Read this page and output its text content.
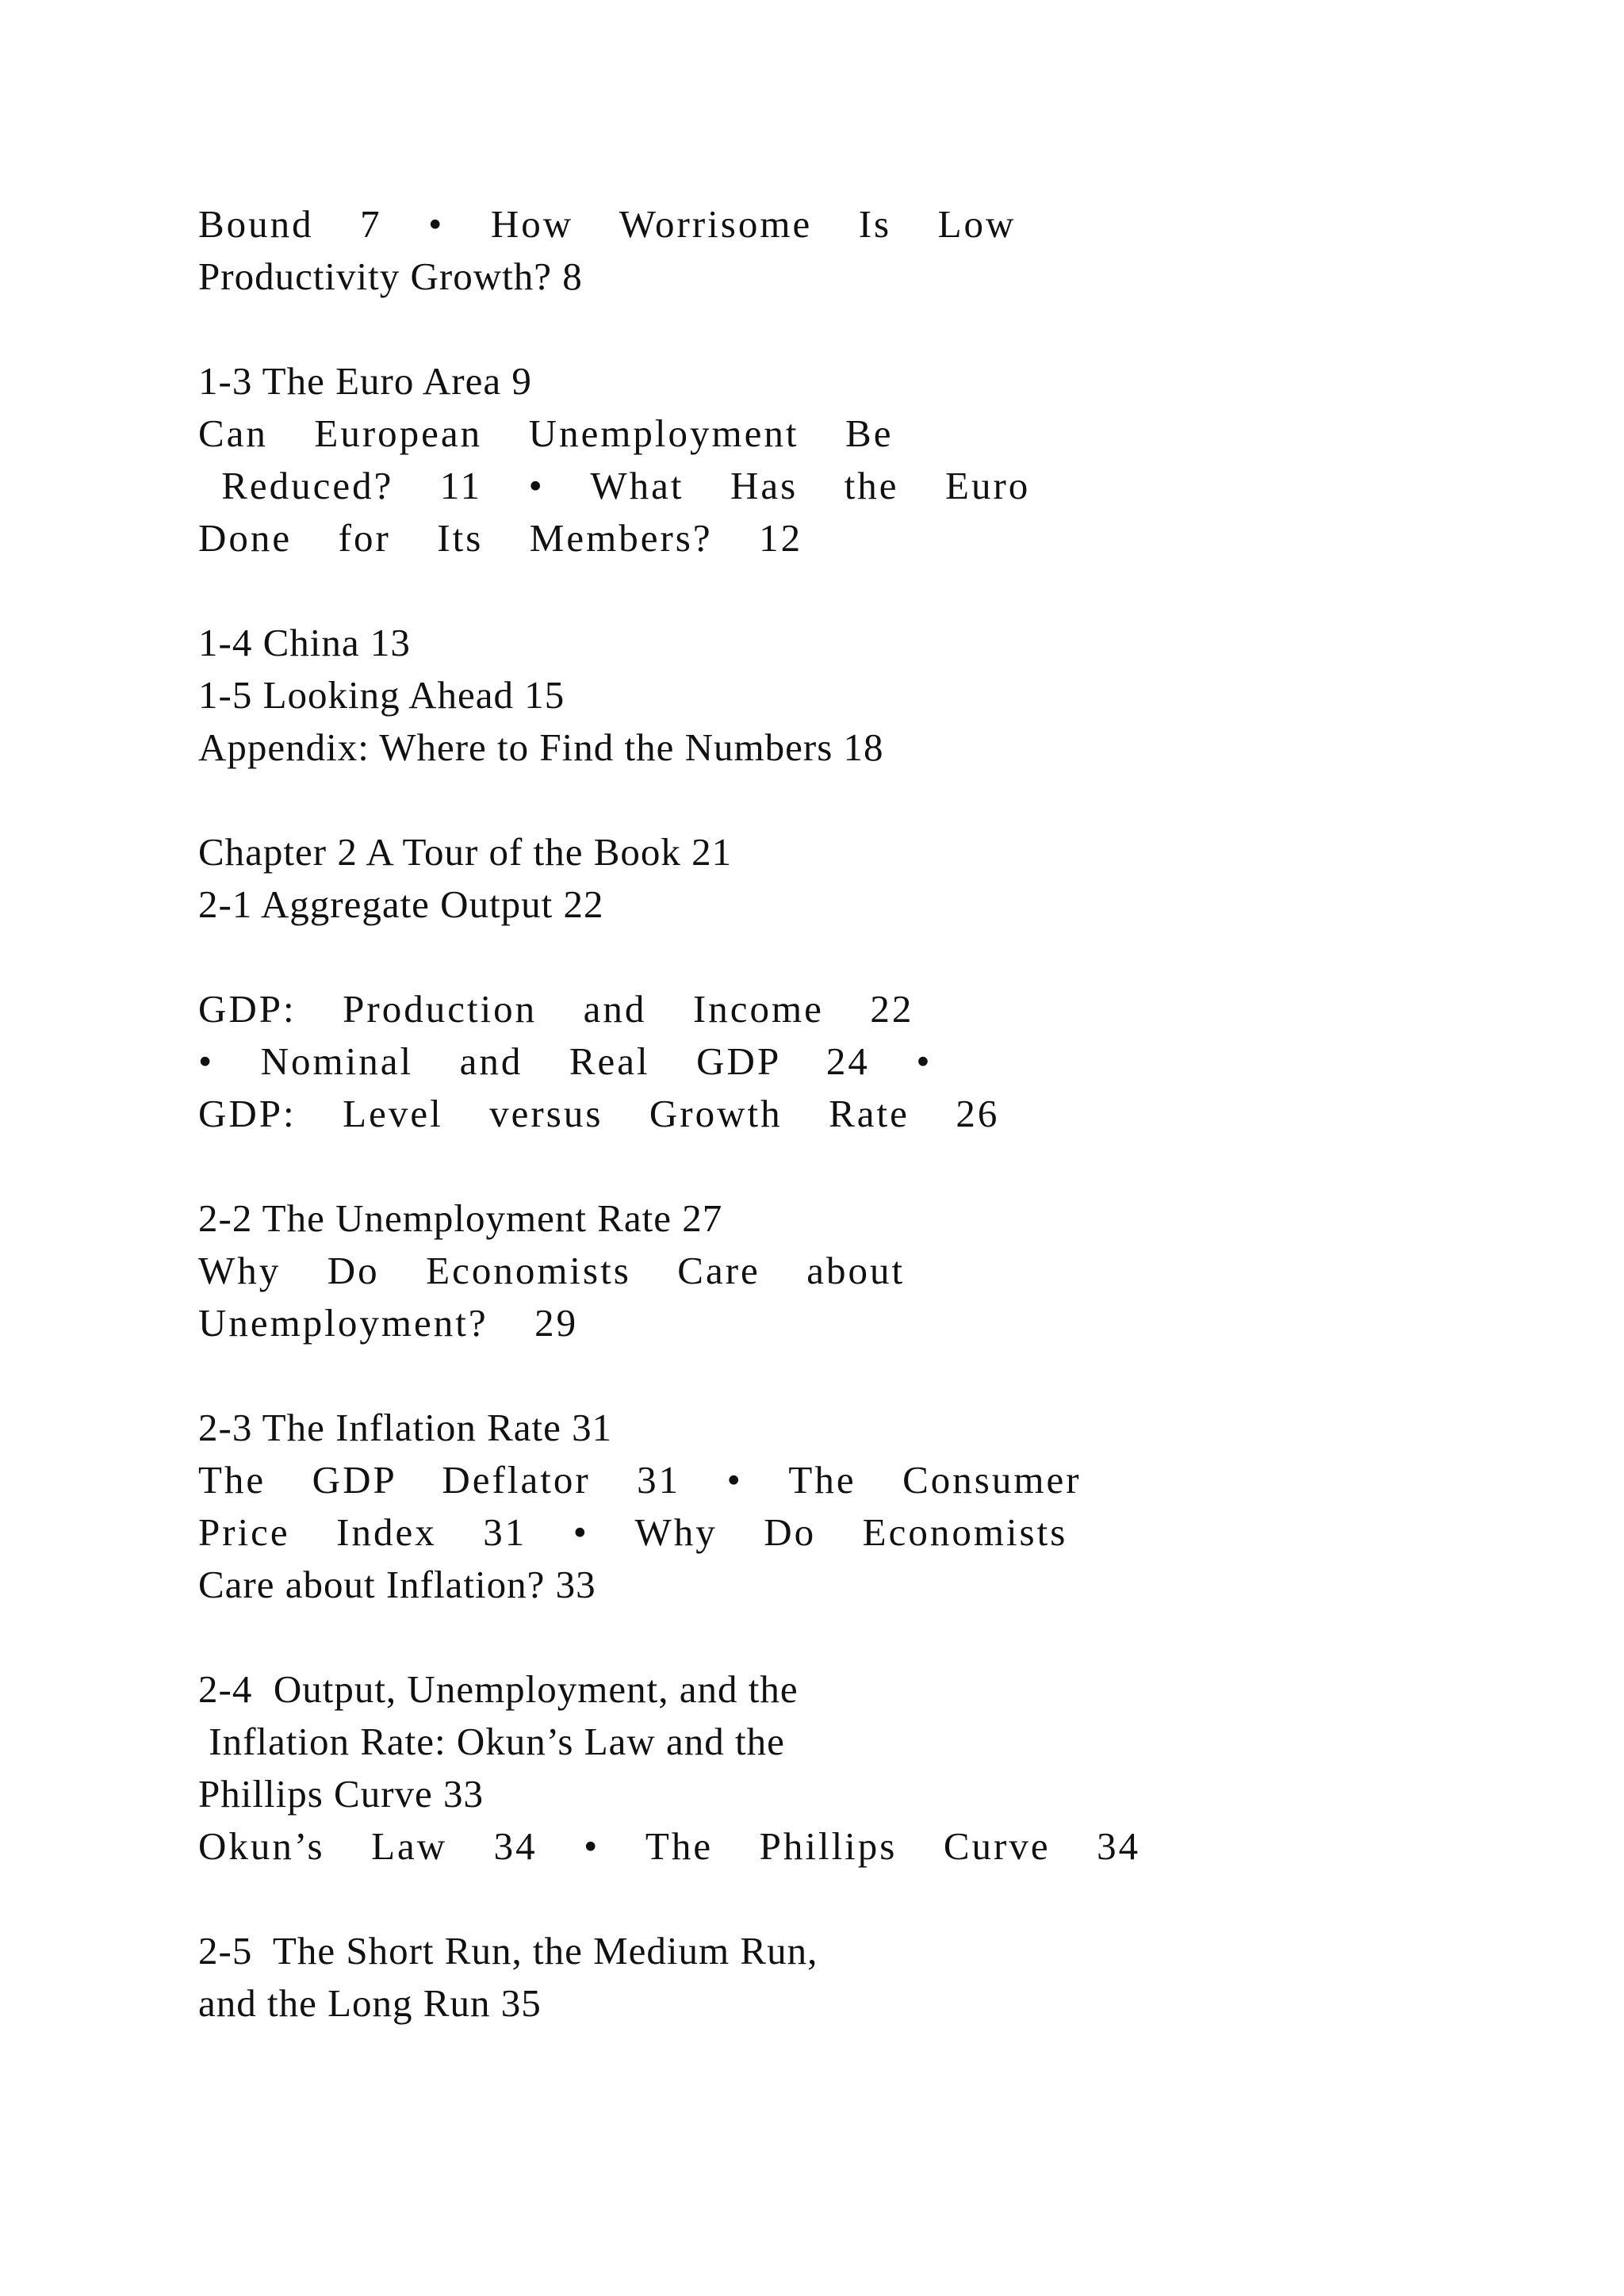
Bound  7  •  How  Worrisome  Is  Low
Productivity Growth? 8
1-3 The Euro Area 9
Can  European  Unemployment  Be
Reduced?  11  •  What  Has  the  Euro
Done  for  Its  Members?  12
1-4 China 13
1-5 Looking Ahead 15
Appendix: Where to Find the Numbers 18
Chapter 2 A Tour of the Book 21
2-1 Aggregate Output 22
GDP:  Production  and  Income  22
•  Nominal  and  Real  GDP  24  •
GDP:  Level  versus  Growth  Rate  26
2-2 The Unemployment Rate 27
Why  Do  Economists  Care  about
Unemployment?  29
2-3 The Inflation Rate 31
The  GDP  Deflator  31  •  The  Consumer
Price  Index  31  •  Why  Do  Economists
Care about Inflation? 33
2-4  Output, Unemployment, and the
Inflation Rate: Okun’s Law and the
Phillips Curve 33
Okun’s  Law  34  •  The  Phillips  Curve  34
2-5  The Short Run, the Medium Run,
and the Long Run 35
